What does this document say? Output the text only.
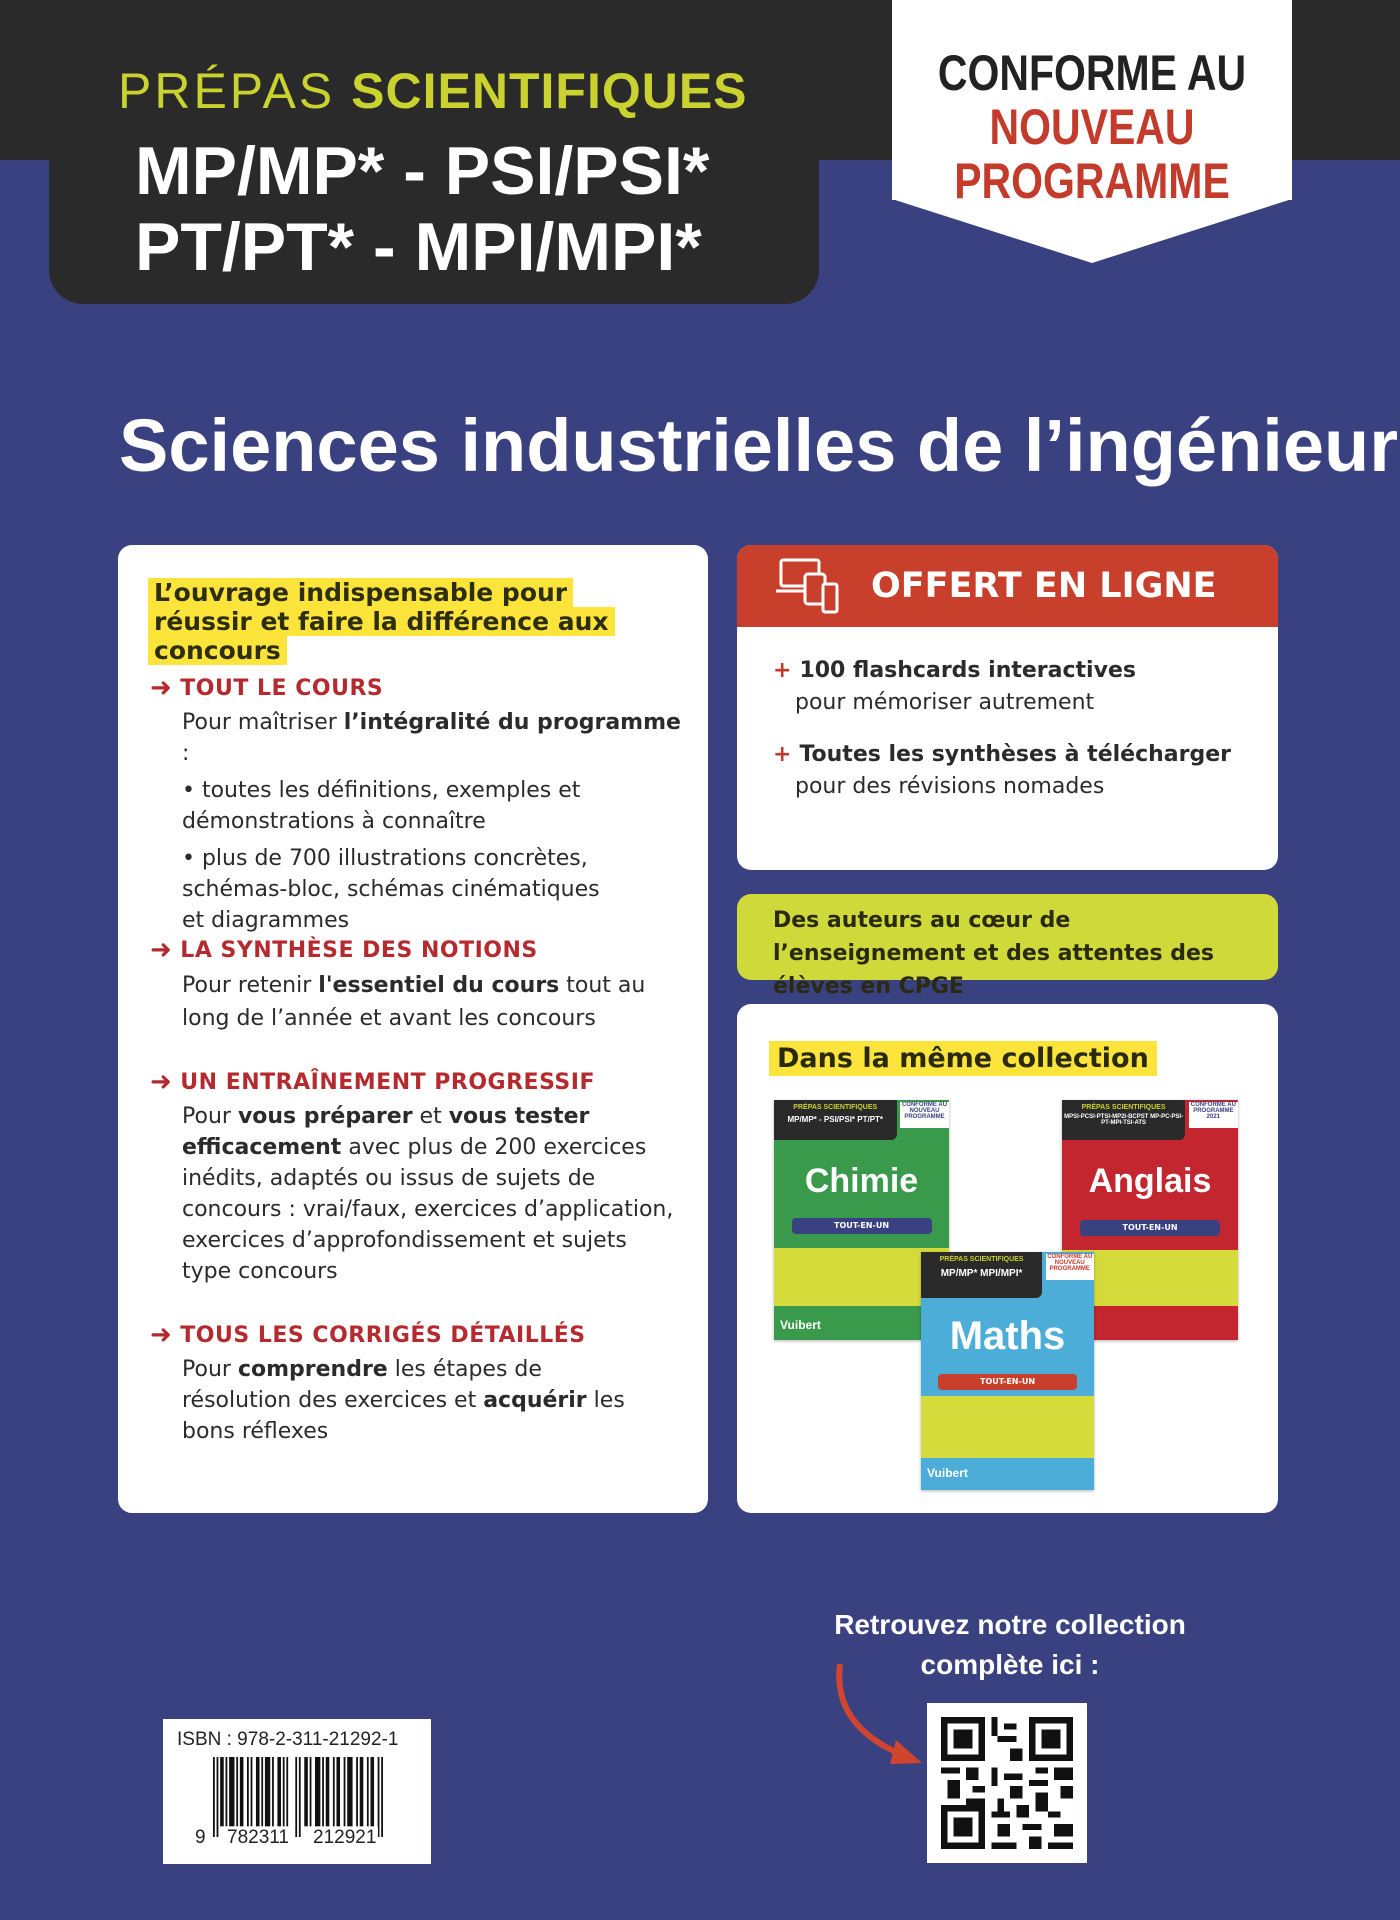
PRÉPAS SCIENTIFIQUES
MP/MP* - PSI/PSI*
PT/PT* - MPI/MPI*
CONFORME AU
NOUVEAU
PROGRAMME
Sciences industrielles de l’ingénieur
L’ouvrage indispensable pour réussir et faire la différence aux concours
➜ TOUT LE COURS
Pour maîtriser l’intégralité du programme :
• toutes les définitions, exemples et démonstrations à connaître
• plus de 700 illustrations concrètes, schémas-bloc, schémas cinématiques et diagrammes
➜ LA SYNTHÈSE DES NOTIONS
Pour retenir l'essentiel du cours tout au long de l’année et avant les concours
➜ UN ENTRAÎNEMENT PROGRESSIF
Pour vous préparer et vous tester efficacement avec plus de 200 exercices inédits, adaptés ou issus de sujets de concours : vrai/faux, exercices d’application, exercices d’approfondissement et sujets type concours
➜ TOUS LES CORRIGÉS DÉTAILLÉS
Pour comprendre les étapes de résolution des exercices et acquérir les bons réflexes
OFFERT EN LIGNE
+ 100 flashcards interactives
pour mémoriser autrement
+ Toutes les synthèses à télécharger
pour des révisions nomades
Des auteurs au cœur de l’enseignement et des attentes des élèves en CPGE
Dans la même collection
PRÉPAS SCIENTIFIQUES
MP/MP* - PSI/PSI* PT/PT*
CONFORME AU NOUVEAU PROGRAMME
Chimie
TOUT-EN-UN
Vuibert
PRÉPAS SCIENTIFIQUES
MPSI-PCSI-PTSI-MP2I-BCPST MP-PC-PSI-PT-MPI-TSI-ATS
CONFORME AU PROGRAMME 2021
Anglais
TOUT-EN-UN
PRÉPAS SCIENTIFIQUES
MP/MP* MPI/MPI*
CONFORME AU NOUVEAU PROGRAMME
Maths
TOUT-EN-UN
Vuibert
Retrouvez notre collection complète ici :
ISBN : 978-2-311-21292-1
9 782311 212921
